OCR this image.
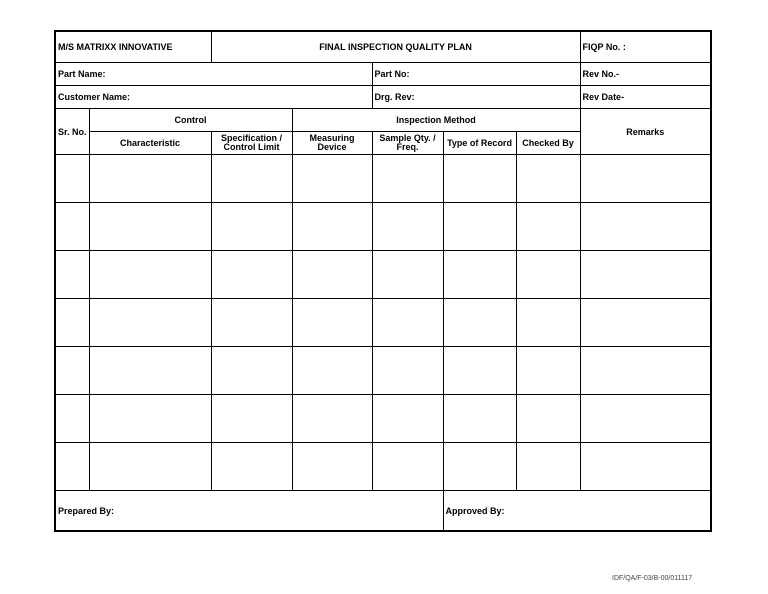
M/S MATRIXX INNOVATIVE		FINAL INSPECTION QUALITY PLAN					FIQP No. :
Part Name:				Part No:			Rev No.-
Customer Name:				Drg. Rev:			Rev Date-
Sr. No.	Control		Inspection Method				Remarks
	Characteristic	Specification / Control Limit	Measuring Device	Sample Qty. / Freq.	Type of Record	Checked By	

Prepared By:					Approved By:		
IDF/QA/F-03/B-00/011117
